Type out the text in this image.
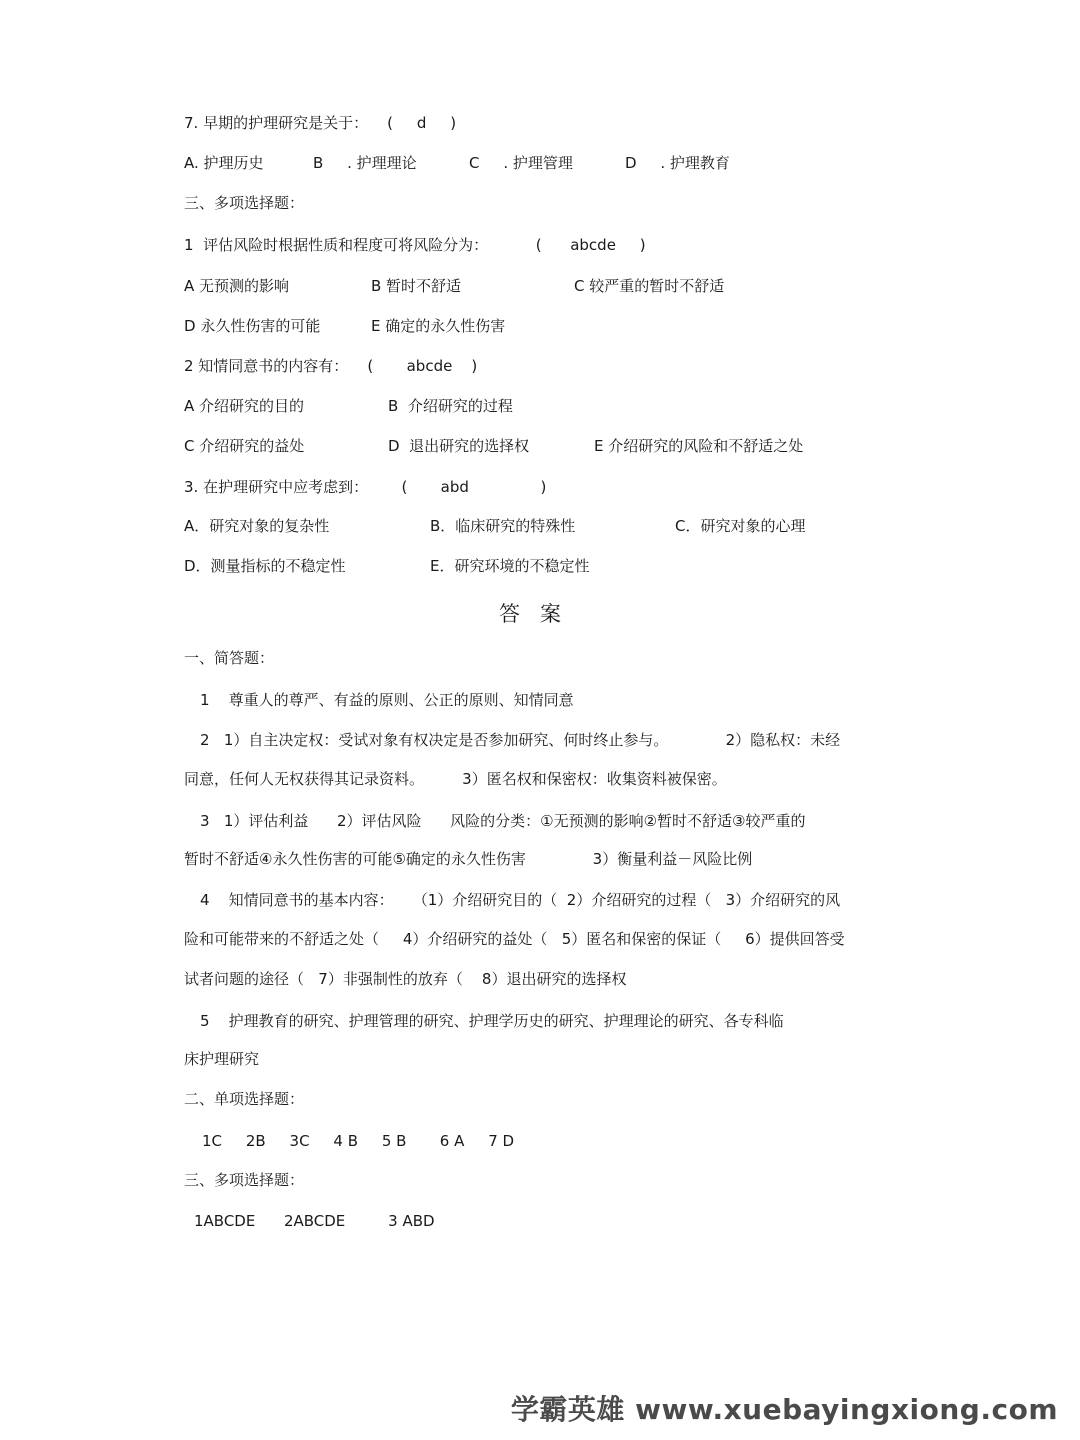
7. 早期的护理研究是关于：    (     d     )
A. 护理历史	B     . 护理理论	C     . 护理管理	D     . 护理教育
三、多项选择题：
1  评估风险时根据性质和程度可将风险分为：          (      abcde     )
A 无预测的影响	B 暂时不舒适	C 较严重的暂时不舒适
D 永久性伤害的可能	E 确定的永久性伤害
2 知情同意书的内容有：    (       abcde    )
A 介绍研究的目的	B  介绍研究的过程
C 介绍研究的益处	D  退出研究的选择权	E 介绍研究的风险和不舒适之处
3. 在护理研究中应考虑到：       (       abd               )
A．研究对象的复杂性	B．临床研究的特殊性	C．研究对象的心理
D．测量指标的不稳定性	E．研究环境的不稳定性
答案
一、简答题：
1    尊重人的尊严、有益的原则、公正的原则、知情同意
2   1）自主决定权：受试对象有权决定是否参加研究、何时终止参与。            2）隐私权：未经
同意，任何人无权获得其记录资料。        3）匿名权和保密权：收集资料被保密。
3   1）评估利益      2）评估风险      风险的分类：①无预测的影响②暂时不舒适③较严重的
暂时不舒适④永久性伤害的可能⑤确定的永久性伤害              3）衡量利益－风险比例
4    知情同意书的基本内容：    （1）介绍研究目的（  2）介绍研究的过程（   3）介绍研究的风
险和可能带来的不舒适之处（     4）介绍研究的益处（   5）匿名和保密的保证（     6）提供回答受
试者问题的途径（   7）非强制性的放弃（    8）退出研究的选择权
5    护理教育的研究、护理管理的研究、护理学历史的研究、护理理论的研究、各专科临
床护理研究
二、单项选择题：
1C     2B     3C     4 B     5 B       6 A     7 D
三、多项选择题：
1ABCDE      2ABCDE         3 ABD
学霸英雄 www.xuebayingxiong.com
